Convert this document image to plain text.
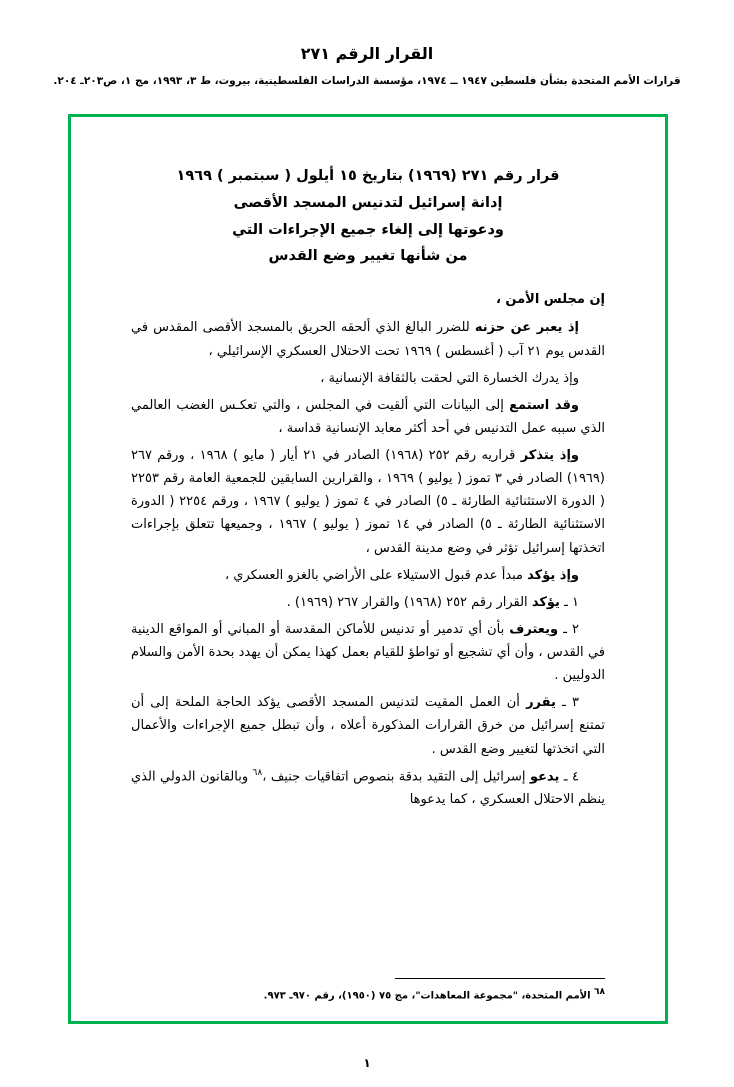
القرار الرقم ٢٧١
قرارات الأمم المتحدة بشأن فلسطين ١٩٤٧ ــ ١٩٧٤، مؤسسة الدراسات الفلسطينية، بيروت، ط ٣، ١٩٩٣، مج ١، ص٢٠٣ـ ٢٠٤.
قرار رقم ٢٧١ (١٩٦٩) بتاريخ ١٥ أيلول ( سبتمبر ) ١٩٦٩
إدانة إسرائيل لتدنيس المسجد الأقصى
ودعوتها إلى إلغاء جميع الإجراءات التي
من شأنها تغيير وضع القدس

إن مجلس الأمن ،

إذ يعبر عن حزنه للضرر البالغ الذي ألحقه الحريق بالمسجد الأقصى المقدس في القدس يوم ٢١ آب ( أغسطس ) ١٩٦٩ تحت الاحتلال العسكري الإسرائيلي ،

وإذ يدرك الخسارة التي لحقت بالثقافة الإنسانية ،

وقد استمع إلى البيانات التي ألقيت في المجلس ، والتي تعكـس الغضب العالمي الذي سببه عمل التدنيس في أحد أكثر معابد الإنسانية قداسة ،

وإذ يتذكر قراريه رقم ٢٥٢ (١٩٦٨) الصادر في ٢١ أيار ( مايو ) ١٩٦٨ ، ورقم ٢٦٧ (١٩٦٩) الصادر في ٣ تموز ( يوليو ) ١٩٦٩ ، والقرارين السابقين للجمعية العامة رقم ٢٢٥٣ ( الدورة الاستثنائية الطارئة ـ ٥) الصادر في ٤ تموز ( يوليو ) ١٩٦٧ ، ورقم ٢٢٥٤ ( الدورة الاستثنائية الطارئة ـ ٥) الصادر في ١٤ تموز ( يوليو ) ١٩٦٧ ، وجميعها تتعلق بإجراءات اتخذتها إسرائيل تؤثر في وضع مدينة القدس ،

وإذ يؤكد مبدأ عدم قبول الاستيلاء على الأراضي بالغزو العسكري ،

١ ـ يؤكد القرار رقم ٢٥٢ (١٩٦٨) والقرار ٢٦٧ (١٩٦٩) .

٢ ـ ويعترف بأن أي تدمير أو تدنيس للأماكن المقدسة أو المباني أو المواقع الدينية في القدس ، وأن أي تشجيع أو تواطؤ للقيام بعمل كهذا يمكن أن يهدد بحدة الأمن والسلام الدوليين .

٣ ـ يقرر أن العمل المقيت لتدنيس المسجد الأقصى يؤكد الحاجة الملحة إلى أن تمتنع إسرائيل من خرق القرارات المذكورة أعلاه ، وأن تبطل جميع الإجراءات والأعمال التي اتخذتها لتغيير وضع القدس .

٤ ـ يدعو إسرائيل إلى التقيد بدقة بنصوص اتفاقيات جنيف ،$^{٦٨}$ وبالقانون الدولي الذي ينظم الاحتلال العسكري ، كما يدعوها

$^{٦٨}$ الأمم المتحدة، "مجموعة المعاهدات"، مج ٧٥ (١٩٥٠)، رقم ٩٧٠ـ ٩٧٣.
١
